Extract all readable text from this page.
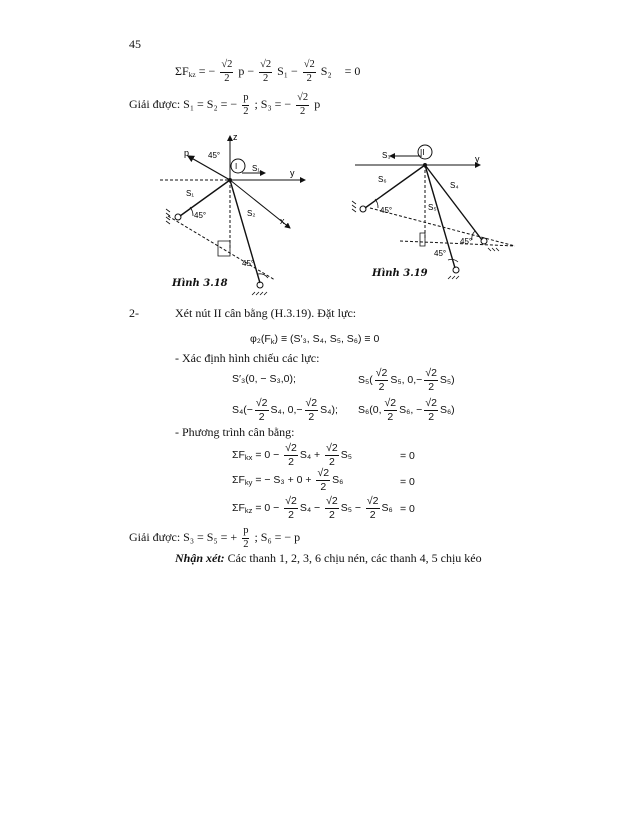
45
$\Sigma F_{kz}$ = − $\frac{√2}{2}$ $p - \frac{√2}{2} S_1 - \frac{√2}{2} S_2 = 0$
Giải được: S₁ = S₂ = − $\frac{p}{2}$ ; S₃ = − $\frac{√2}{2}$ p
z
y
x
p 45°
45°
45°
I S₁
S₁
S₂
Hình 3.18
y
II
S₃
S₆
S₄
S₅
45°
45°
45°
Hình 3.19
2-	Xét nút II cân bằng (H.3.19). Đặt lực:
$\varphi_2(F_k) \equiv (S'_3$, S₄, S₅, S₆) ≡ 0
- Xác định hình chiếu các lực:
S′₃(0, − S₃,0);	$S_5( \frac{√2}{2} S_5$, $0,- \frac{√2}{2} S_5$)
$S_4(- \frac{√2}{2} S_4$, $0,- \frac{√2}{2} S_4$); S₆(0, $\frac{√2}{2} S_6$, − $\frac{√2}{2} S_6$)
- Phương trình cân bằng:
$\Sigma F_{kx} = 0 - \frac{√2}{2} S_4 + \frac{√2}{2} S_5$	= 0
$\Sigma F_{ky}$ = − $S_3 + 0 + \frac{√2}{2} S_6$	= 0
$\Sigma F_{kz} = 0 - \frac{√2}{2} S_4 - \frac{√2}{2} S_5 - \frac{√2}{2} S_6 = 0$
Giải được: S₃ = S₅ = + $\frac{p}{2}$ ; S₆ = − p
Nhận xét: Các thanh 1, 2, 3, 6 chịu nén, các thanh 4, 5 chịu kéo
